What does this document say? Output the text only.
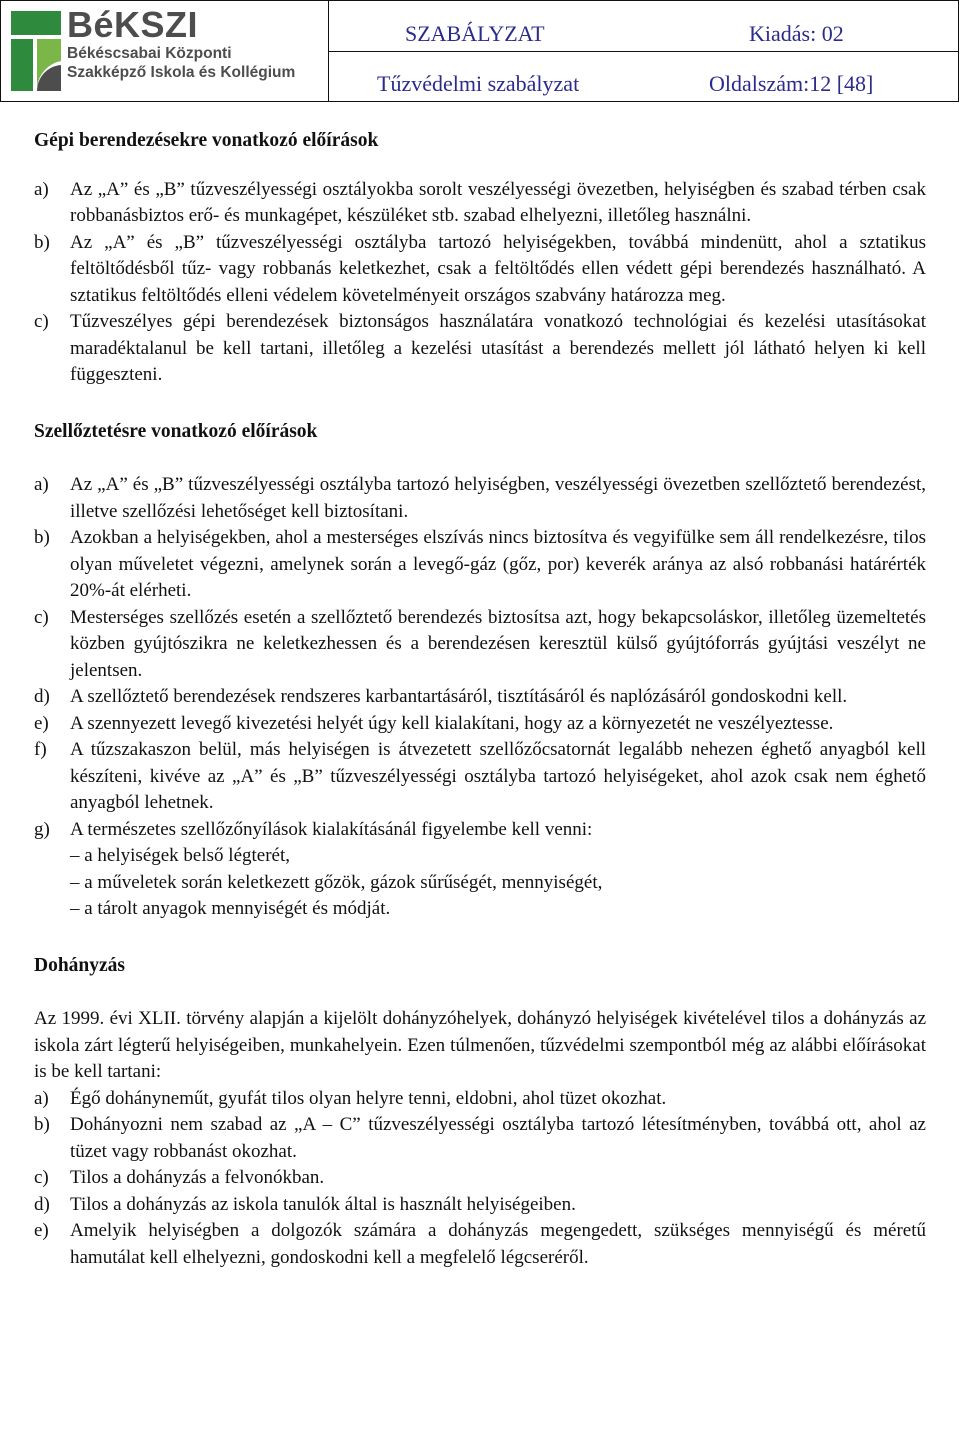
BéKSZI
Békéscsabai Központi
Szakképző Iskola és Kollégium
SZABÁLYZAT	Kiadás: 02
Tűzvédelmi szabályzat	Oldalszám:12 [48]
Gépi berendezésekre vonatkozó előírások
a) Az „A” és „B” tűzveszélyességi osztályokba sorolt veszélyességi övezetben, helyiségben és szabad térben csak robbanásbiztos erő- és munkagépet, készüléket stb. szabad elhelyezni, illetőleg használni.
b) Az „A” és „B” tűzveszélyességi osztályba tartozó helyiségekben, továbbá mindenütt, ahol a sztatikus feltöltődésből tűz- vagy robbanás keletkezhet, csak a feltöltődés ellen védett gépi berendezés használható. A sztatikus feltöltődés elleni védelem követelményeit országos szabvány határozza meg.
c) Tűzveszélyes gépi berendezések biztonságos használatára vonatkozó technológiai és kezelési utasításokat maradéktalanul be kell tartani, illetőleg a kezelési utasítást a berendezés mellett jól látható helyen ki kell függeszteni.
Szellőztetésre vonatkozó előírások
a) Az „A” és „B” tűzveszélyességi osztályba tartozó helyiségben, veszélyességi övezetben szellőztető berendezést, illetve szellőzési lehetőséget kell biztosítani.
b) Azokban a helyiségekben, ahol a mesterséges elszívás nincs biztosítva és vegyifülke sem áll rendelkezésre, tilos olyan műveletet végezni, amelynek során a levegő-gáz (gőz, por) keverék aránya az alsó robbanási határérték 20%-át elérheti.
c) Mesterséges szellőzés esetén a szellőztető berendezés biztosítsa azt, hogy bekapcsoláskor, illetőleg üzemeltetés közben gyújtószikra ne keletkezhessen és a berendezésen keresztül külső gyújtóforrás gyújtási veszélyt ne jelentsen.
d) A szellőztető berendezések rendszeres karbantartásáról, tisztításáról és naplózásáról gondoskodni kell.
e) A szennyezett levegő kivezetési helyét úgy kell kialakítani, hogy az a környezetét ne veszélyeztesse.
f) A tűzszakaszon belül, más helyiségen is átvezetett szellőzőcsatornát legalább nehezen éghető anyagból kell készíteni, kivéve az „A” és „B” tűzveszélyességi osztályba tartozó helyiségeket, ahol azok csak nem éghető anyagból lehetnek.
g) A természetes szellőzőnyílások kialakításánál figyelembe kell venni:
– a helyiségek belső légterét,
– a műveletek során keletkezett gőzök, gázok sűrűségét, mennyiségét,
– a tárolt anyagok mennyiségét és módját.
Dohányzás

Az 1999. évi XLII. törvény alapján a kijelölt dohányzóhelyek, dohányzó helyiségek kivételével tilos a dohányzás az iskola zárt légterű helyiségeiben, munkahelyein. Ezen túlmenően, tűzvédelmi szempontból még az alábbi előírásokat is be kell tartani:

a) Égő dohányneműt, gyufát tilos olyan helyre tenni, eldobni, ahol tüzet okozhat.
b) Dohányozni nem szabad az „A – C” tűzveszélyességi osztályba tartozó létesítményben, továbbá ott, ahol az tüzet vagy robbanást okozhat.
c) Tilos a dohányzás a felvonókban.
d) Tilos a dohányzás az iskola tanulók által is használt helyiségeiben.
e) Amelyik helyiségben a dolgozók számára a dohányzás megengedett, szükséges mennyiségű és méretű hamutálat kell elhelyezni, gondoskodni kell a megfelelő légcseréről.
